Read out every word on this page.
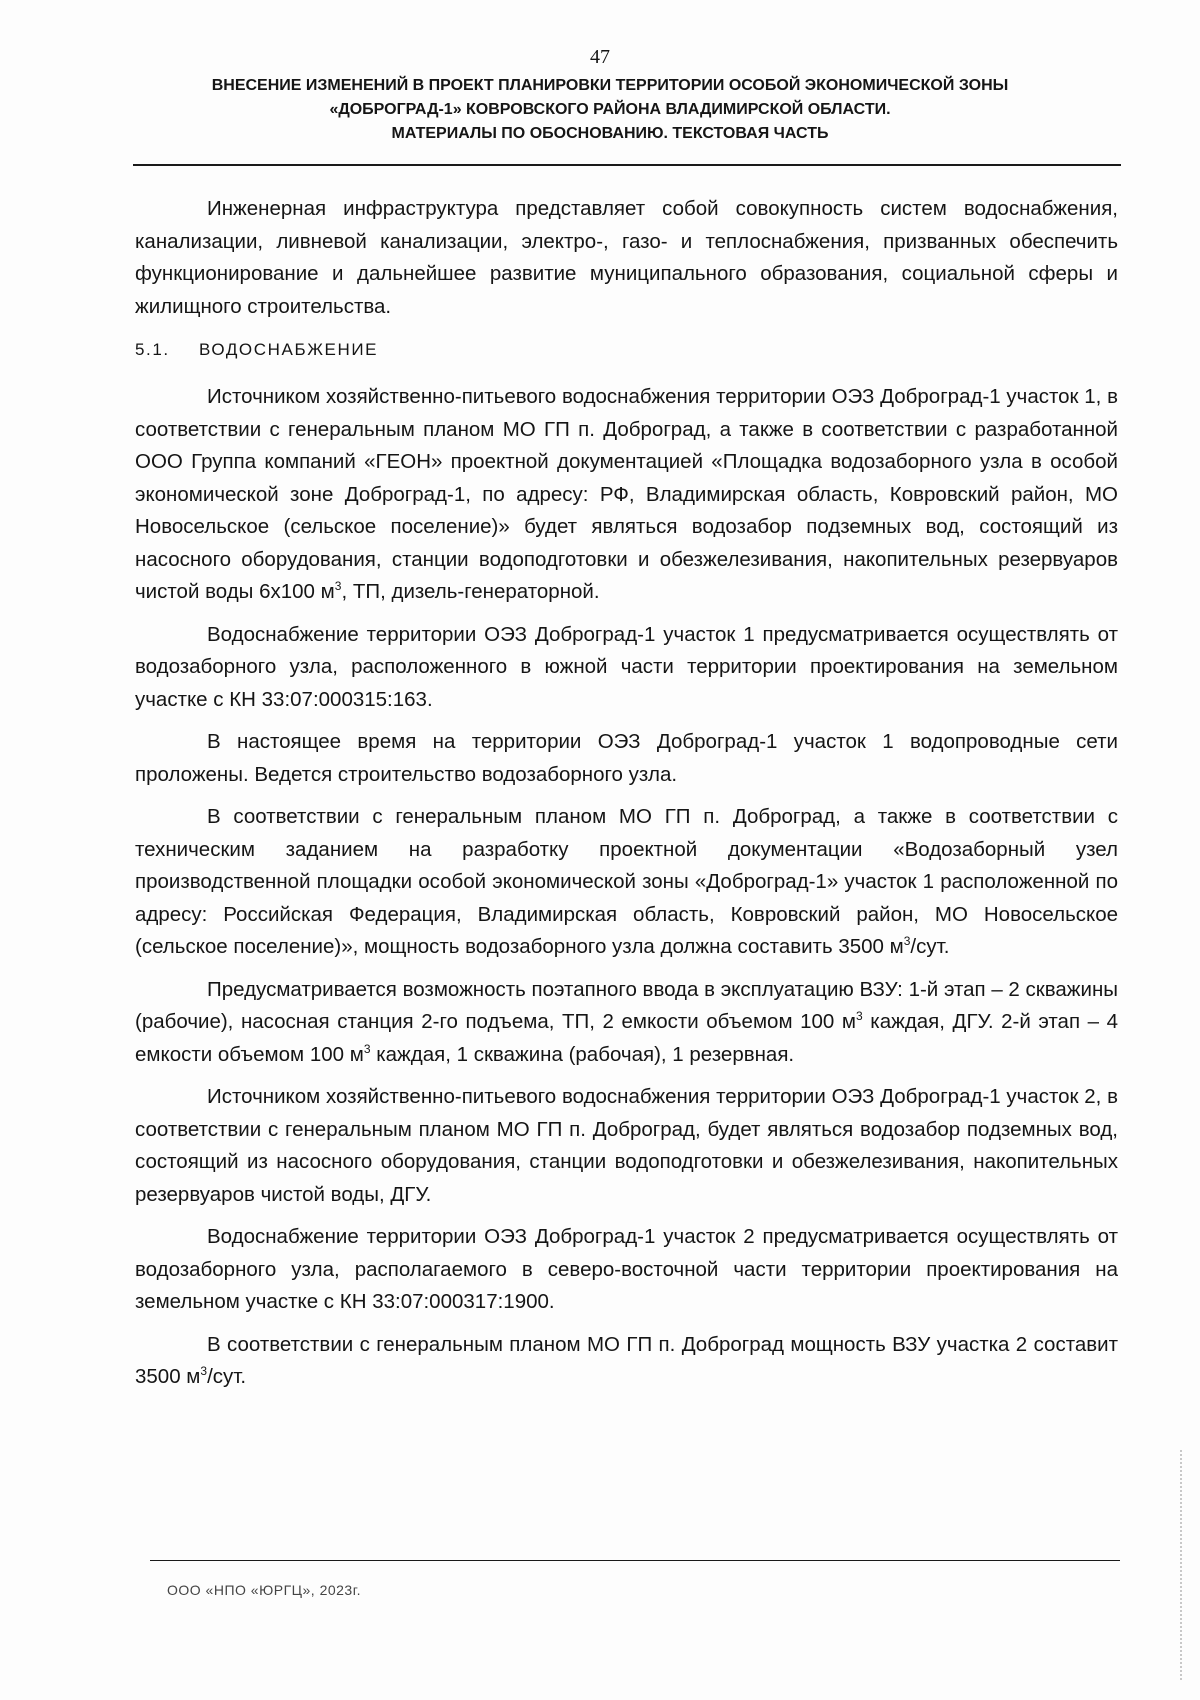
47
ВНЕСЕНИЕ ИЗМЕНЕНИЙ В ПРОЕКТ ПЛАНИРОВКИ ТЕРРИТОРИИ ОСОБОЙ ЭКОНОМИЧЕСКОЙ ЗОНЫ
«ДОБРОГРАД-1» КОВРОВСКОГО РАЙОНА ВЛАДИМИРСКОЙ ОБЛАСТИ.
МАТЕРИАЛЫ ПО ОБОСНОВАНИЮ. ТЕКСТОВАЯ ЧАСТЬ

Инженерная инфраструктура представляет собой совокупность систем водоснабжения, канализации, ливневой канализации, электро-, газо- и теплоснабжения, призванных обеспечить функционирование и дальнейшее развитие муниципального образования, социальной сферы и жилищного строительства.

5.1. ВОДОСНАБЖЕНИЕ

Источником хозяйственно-питьевого водоснабжения территории ОЭЗ Доброград-1 участок 1, в соответствии с генеральным планом МО ГП п. Доброград, а также в соответствии с разработанной ООО Группа компаний «ГЕОН» проектной документацией «Площадка водозаборного узла в особой экономической зоне Доброград-1, по адресу: РФ, Владимирская область, Ковровский район, МО Новосельское (сельское поселение)» будет являться водозабор подземных вод, состоящий из насосного оборудования, станции водоподготовки и обезжелезивания, накопительных резервуаров чистой воды 6х100 $м^3$, ТП, дизель-генераторной.

Водоснабжение территории ОЭЗ Доброград-1 участок 1 предусматривается осуществлять от водозаборного узла, расположенного в южной части территории проектирования на земельном участке с КН 33:07:000315:163.

В настоящее время на территории ОЭЗ Доброград-1 участок 1 водопроводные сети проложены. Ведется строительство водозаборного узла.

В соответствии с генеральным планом МО ГП п. Доброград, а также в соответствии с техническим заданием на разработку проектной документации «Водозаборный узел производственной площадки особой экономической зоны «Доброград-1» участок 1 расположенной по адресу: Российская Федерация, Владимирская область, Ковровский район, МО Новосельское (сельское поселение)», мощность водозаборного узла должна составить 3500 $м^3$/сут.

Предусматривается возможность поэтапного ввода в эксплуатацию ВЗУ: 1-й этап – 2 скважины (рабочие), насосная станция 2-го подъема, ТП, 2 емкости объемом 100 $м^3$ каждая, ДГУ. 2-й этап – 4 емкости объемом 100 $м^3$ каждая, 1 скважина (рабочая), 1 резервная.

Источником хозяйственно-питьевого водоснабжения территории ОЭЗ Доброград-1 участок 2, в соответствии с генеральным планом МО ГП п. Доброград, будет являться водозабор подземных вод, состоящий из насосного оборудования, станции водоподготовки и обезжелезивания, накопительных резервуаров чистой воды, ДГУ.

Водоснабжение территории ОЭЗ Доброград-1 участок 2 предусматривается осуществлять от водозаборного узла, располагаемого в северо-восточной части территории проектирования на земельном участке с КН 33:07:000317:1900.

В соответствии с генеральным планом МО ГП п. Доброград мощность ВЗУ участка 2 составит 3500 $м^3$/сут.

ООО «НПО «ЮРГЦ», 2023г.
